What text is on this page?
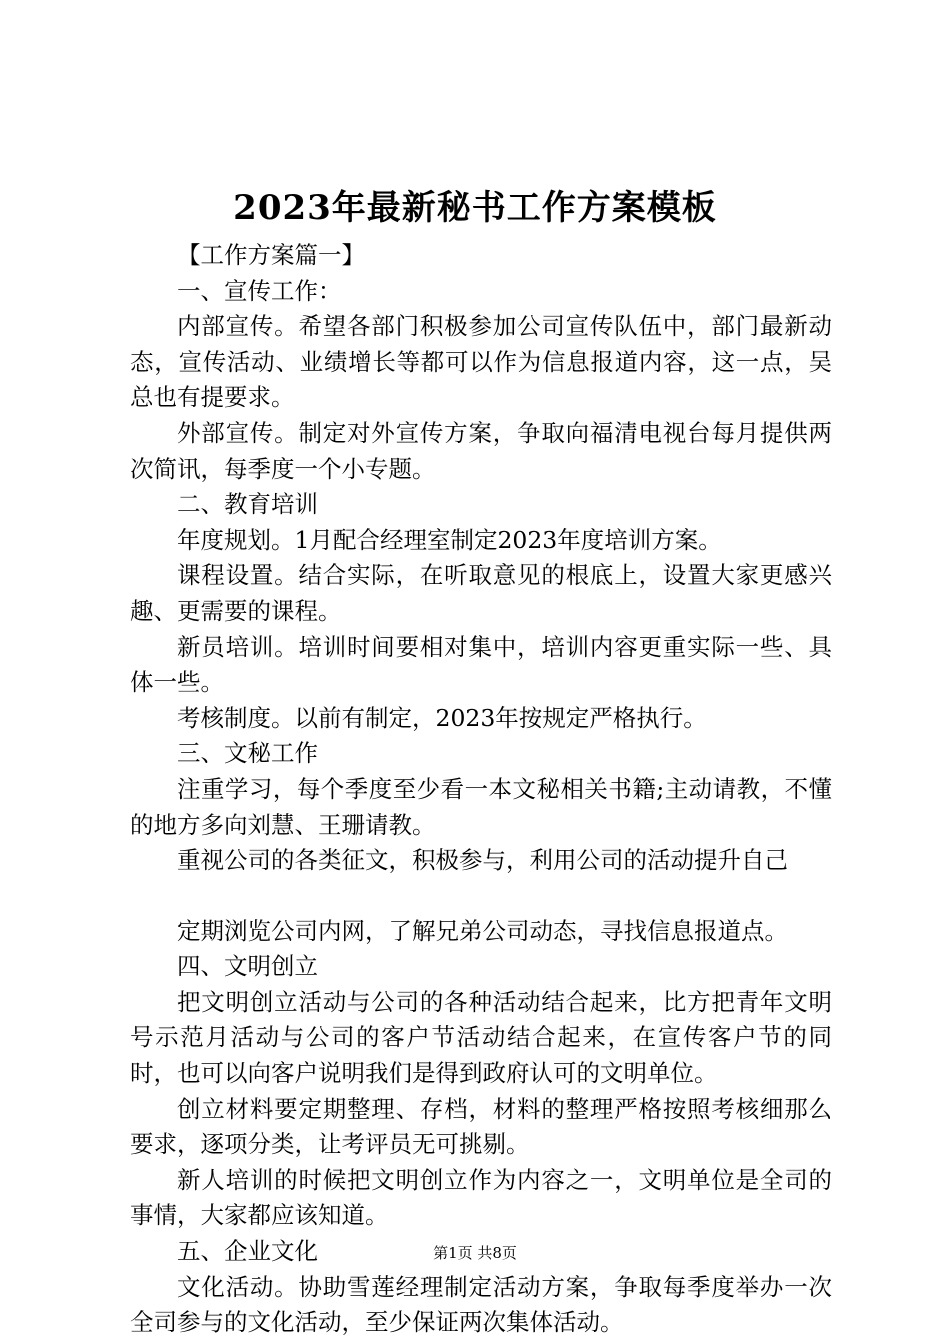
2023年最新秘书工作方案模板

【工作方案篇一】

一、宣传工作：

内部宣传。希望各部门积极参加公司宣传队伍中，部门最新动态，宣传活动、业绩增长等都可以作为信息报道内容，这一点，吴总也有提要求。

外部宣传。制定对外宣传方案，争取向福清电视台每月提供两次简讯，每季度一个小专题。

二、教育培训

年度规划。1月配合经理室制定2023年度培训方案。

课程设置。结合实际，在听取意见的根底上，设置大家更感兴趣、更需要的课程。

新员培训。培训时间要相对集中，培训内容更重实际一些、具体一些。

考核制度。以前有制定，2023年按规定严格执行。

三、文秘工作

注重学习，每个季度至少看一本文秘相关书籍;主动请教，不懂的地方多向刘慧、王珊请教。

重视公司的各类征文，积极参与，利用公司的活动提升自己

定期浏览公司内网，了解兄弟公司动态，寻找信息报道点。

四、文明创立

把文明创立活动与公司的各种活动结合起来，比方把青年文明号示范月活动与公司的客户节活动结合起来，在宣传客户节的同时，也可以向客户说明我们是得到政府认可的文明单位。

创立材料要定期整理、存档，材料的整理严格按照考核细那么要求，逐项分类，让考评员无可挑剔。

新人培训的时候把文明创立作为内容之一，文明单位是全司的事情，大家都应该知道。

五、企业文化

文化活动。协助雪莲经理制定活动方案，争取每季度举办一次全司参与的文化活动，至少保证两次集体活动。

第1页 共8页
